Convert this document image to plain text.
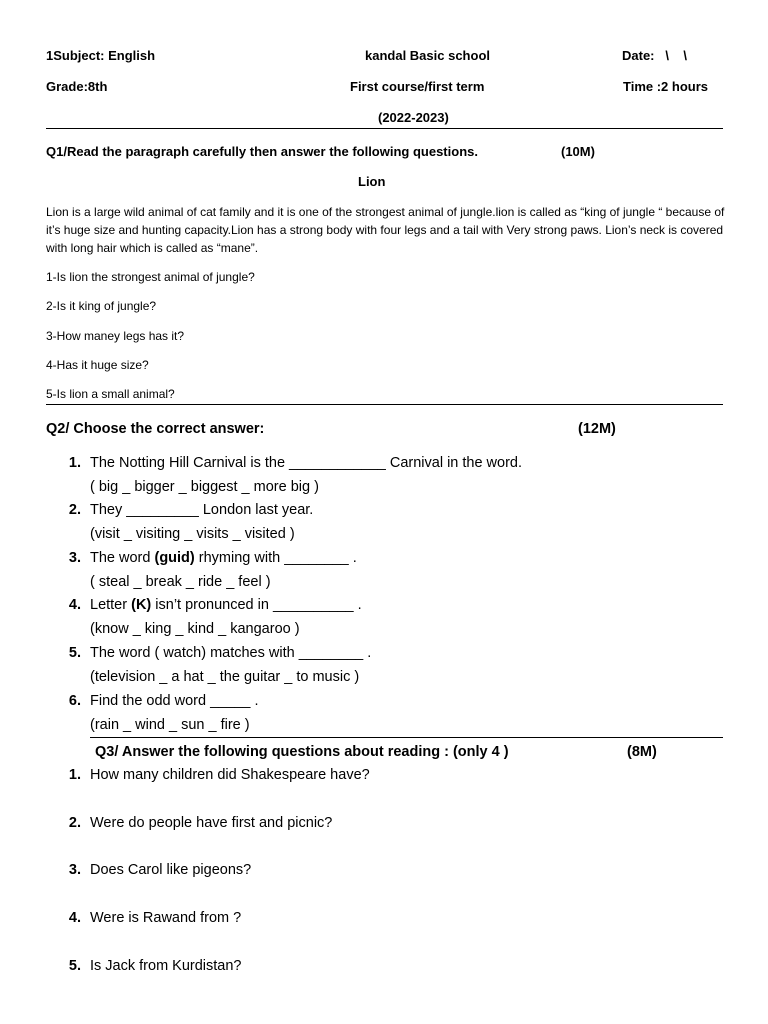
1Subject: English	kandal Basic school	Date:   \    \
Grade:8th	First course/first term	Time :2 hours
(2022-2023)
Q1/Read the paragraph carefully then answer the following questions.	(10M)
Lion
Lion is a large wild animal of cat family and it is one of the strongest animal of jungle.lion is called as “king of jungle “ because of it’s huge size and hunting capacity.Lion has a strong body with four legs and a tail with Very strong paws. Lion’s neck is covered with long hair which is called as “mane”.
1-Is lion the strongest animal of jungle?
2-Is it king of jungle?
3-How maney legs has it?
4-Has it huge size?
5-Is lion a small animal?
Q2/ Choose the correct answer:	(12M)
1. The Notting Hill Carnival is the ____________ Carnival in the word.
( big _ bigger _ biggest _ more big )
2. They _________ London last year.
(visit _ visiting _ visits _ visited )
3. The word (guid) rhyming with ________ .
( steal _ break _ ride _ feel )
4. Letter (K) isn’t pronunced in __________ .
(know _ king _ kind _ kangaroo )
5. The word ( watch) matches with ________ .
(television _ a hat _ the guitar _ to music )
6. Find the odd word _____ .
(rain _ wind _ sun _ fire )
Q3/ Answer the following questions about reading : (only 4 )	(8M)
1. How many children did Shakespeare have?
2. Were do people have first and picnic?
3. Does Carol like pigeons?
4. Were is Rawand from ?
5. Is Jack from Kurdistan?
